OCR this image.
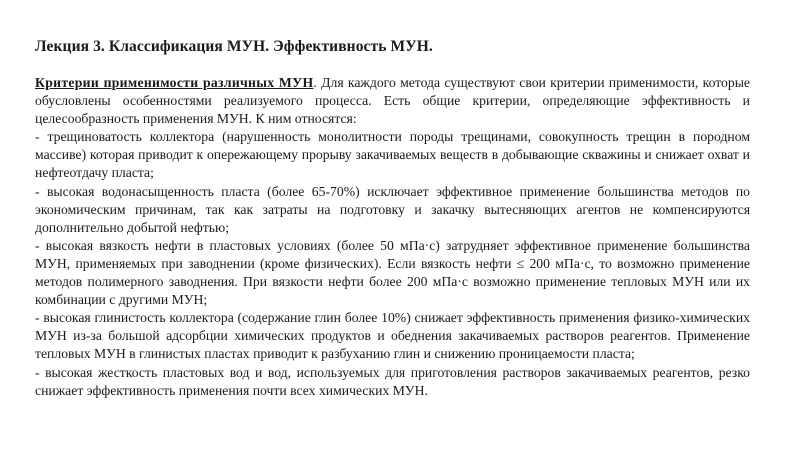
Лекция 3. Классификация МУН. Эффективность МУН.
Критерии применимости различных МУН. Для каждого метода существуют свои критерии применимости, которые обусловлены особенностями реализуемого процесса. Есть общие критерии, определяющие эффективность и целесообразность применения МУН. К ним относятся:
- трещиноватость коллектора (нарушенность монолитности породы трещинами, совокупность трещин в породном массиве) которая приводит к опережающему прорыву закачиваемых веществ в добывающие скважины и снижает охват и нефтеотдачу пласта;
- высокая водонасыщенность пласта (более 65-70%) исключает эффективное применение большинства методов по экономическим причинам, так как затраты на подготовку и закачку вытесняющих агентов не компенсируются дополнительно добытой нефтью;
- высокая вязкость нефти в пластовых условиях (более 50 мПа·с) затрудняет эффективное применение большинства МУН, применяемых при заводнении (кроме физических). Если вязкость нефти ≤ 200 мПа·с, то возможно применение методов полимерного заводнения. При вязкости нефти более 200 мПа·с возможно применение тепловых МУН или их комбинации с другими МУН;
- высокая глинистость коллектора (содержание глин более 10%) снижает эффективность применения физико-химических МУН из-за большой адсорбции химических продуктов и обеднения закачиваемых растворов реагентов. Применение тепловых МУН в глинистых пластах приводит к разбуханию глин и снижению проницаемости пласта;
- высокая жесткость пластовых вод и вод, используемых для приготовления растворов закачиваемых реагентов, резко снижает эффективность применения почти всех химических МУН.
